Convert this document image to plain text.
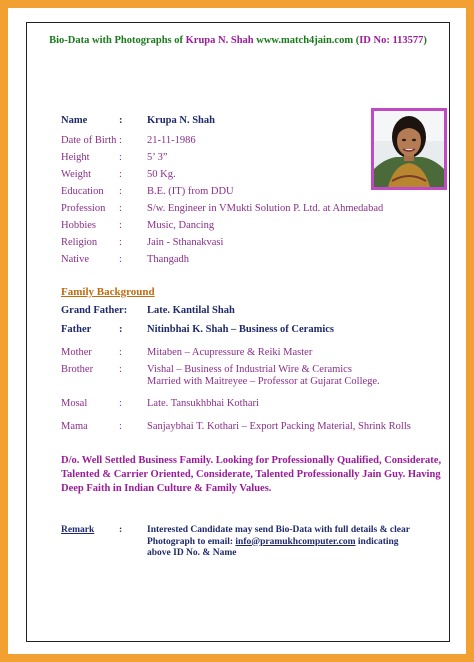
Bio-Data with Photographs of Krupa N. Shah www.match4jain.com (ID No: 113577)
Name	: Krupa N. Shah
Date of Birth : 21-11-1986
Height	: 5’ 3”
Weight	: 50 Kg.
Education : B.E. (IT) from DDU
Profession : S/w. Engineer in VMukti Solution P. Ltd. at Ahmedabad
Hobbies : Music, Dancing
Religion : Jain - Sthanakvasi
Native	: Thangadh
Family Background
Grand Father: Late. Kantilal Shah
Father	: Nitinbhai K. Shah – Business of Ceramics
Mother	: Mitaben – Acupressure & Reiki Master
Brother : Vishal – Business of Industrial Wire & Ceramics
Married with Maitreyee – Professor at Gujarat College.
Mosal	: Late. Tansukhbhai Kothari
Mama	: Sanjaybhai T. Kothari – Export Packing Material, Shrink Rolls
D/o. Well Settled Business Family. Looking for Professionally Qualified, Considerate, Talented & Carrier Oriented, Considerate, Talented Professionally Jain Guy. Having Deep Faith in Indian Culture & Family Values.
Remark	:	Interested Candidate may send Bio-Data with full details & clear Photograph to email: info@pramukhcomputer.com indicating above ID No. & Name
